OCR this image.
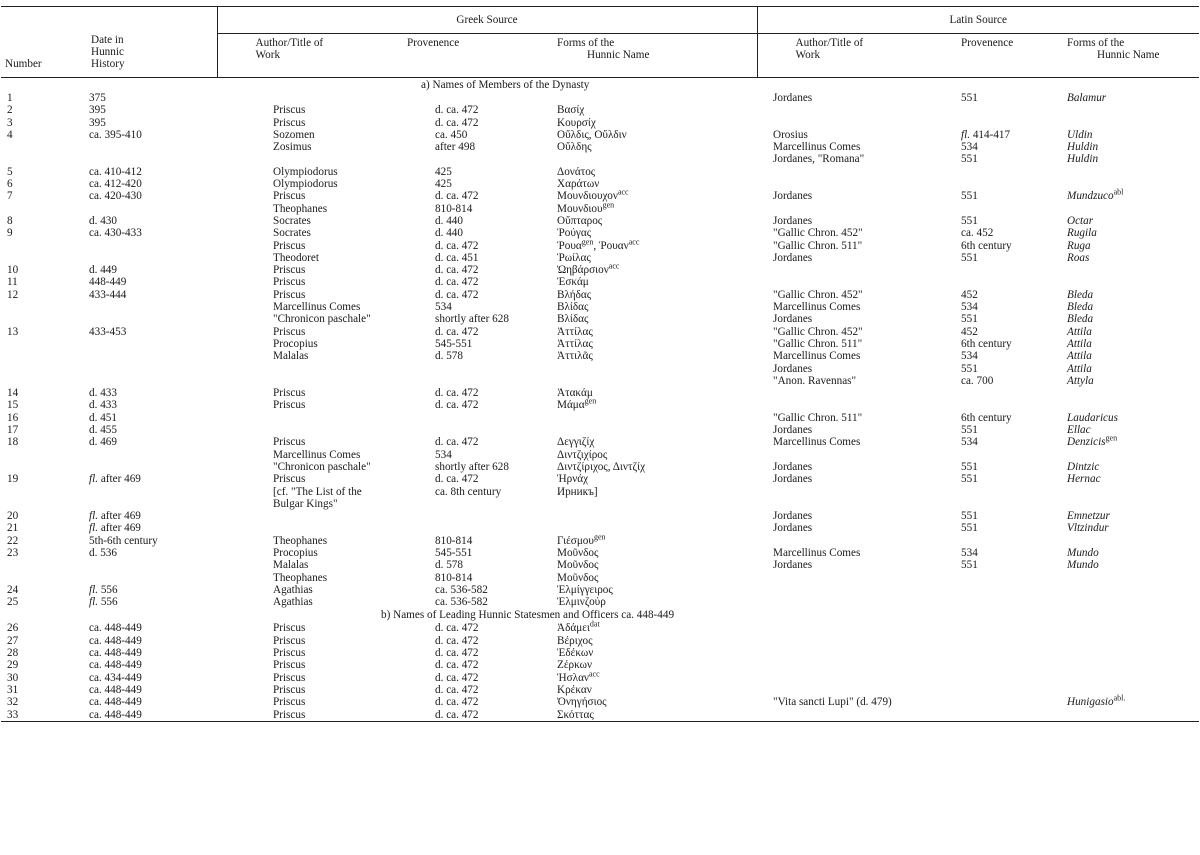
Number	Date in Hunnic History	Greek Source			Latin Source		
		Author/Title of Work	Provenence	Forms of the
Hunnic Name	Author/Title of Work	Provenence	Forms of the
Hunnic Name

a) Names of Members of the Dynasty							
1	375				Jordanes	551	Balamur
2	395	Priscus	d. ca. 472	Βασίχ			
3	395	Priscus	d. ca. 472	Κουρσίχ			
4	ca. 395-410	Sozomen	ca. 450	Οὔλδις, Οὔλδιν	Orosius	fl. 414-417	Uldin
		Zosimus	after 498	Οὔλδης	Marcellinus Comes	534	Huldin
					Jordanes, "Romana"	551	Huldin
5	ca. 410-412	Olympiodorus	425	Δονάτος			
6	ca. 412-420	Olympiodorus	425	Χαράτων			
7	ca. 420-430	Priscus	d. ca. 472	Μουνδιουχον$^{acc}$	Jordanes	551	Mundzuco$^{abl}$
		Theophanes	810-814	Μουνδιου$^{gen}$			
8	d. 430	Socrates	d. 440	Οὔπταρος	Jordanes	551	Octar
9	ca. 430-433	Socrates	d. 440	Ῥούγας	"Gallic Chron. 452"	ca. 452	Rugila
		Priscus	d. ca. 472	Ῥουα$^{gen}$, Ῥουαν$^{acc}$	"Gallic Chron. 511"	6th century	Ruga
		Theodoret	d. ca. 451	Ῥωίλας	Jordanes	551	Roas
10	d. 449	Priscus	d. ca. 472	Ὠηβάρσιον$^{acc}$			
11	448-449	Priscus	d. ca. 472	Ἐσκάμ			
12	433-444	Priscus	d. ca. 472	Βλήδας	"Gallic Chron. 452"	452	Bleda
		Marcellinus Comes	534	Βλίδας	Marcellinus Comes	534	Bleda
		"Chronicon paschale"	shortly after 628	Βλίδας	Jordanes	551	Bleda
13	433-453	Priscus	d. ca. 472	Ἀττίλας	"Gallic Chron. 452"	452	Attila
		Procopius	545-551	Ἀττίλας	"Gallic Chron. 511"	6th century	Attila
		Malalas	d. 578	Ἀττιλᾶς	Marcellinus Comes	534	Attila
					Jordanes	551	Attila
					"Anon. Ravennas"	ca. 700	Attyla
14	d. 433	Priscus	d. ca. 472	Ἀτακάμ			
15	d. 433	Priscus	d. ca. 472	Μάμα$^{gen}$			
16	d. 451				"Gallic Chron. 511"	6th century	Laudaricus
17	d. 455				Jordanes	551	Ellac
18	d. 469	Priscus	d. ca. 472	Δεγγιζίχ	Marcellinus Comes	534	Denzicis$^{gen}$
		Marcellinus Comes	534	Διντζιχίρος			
		"Chronicon paschale"	shortly after 628	Διντζίριχος, Διντζίχ	Jordanes	551	Dintzic
19	fl. after 469	Priscus	d. ca. 472	Ἡρνάχ	Jordanes	551	Hernac
		[cf. "The List of the	ca. 8th century	Ирникъ]			
		Bulgar Kings"					
20	fl. after 469				Jordanes	551	Emnetzur
21	fl. after 469				Jordanes	551	Vltzindur
22	5th-6th century	Theophanes	810-814	Γιέσμου$^{gen}$			
23	d. 536	Procopius	545-551	Μοῦνδος	Marcellinus Comes	534	Mundo
		Malalas	d. 578	Μοῦνδος	Jordanes	551	Mundo
		Theophanes	810-814	Μοῦνδος			
24	fl. 556	Agathias	ca. 536-582	Ἐλμίγγειρος			
25	fl. 556	Agathias	ca. 536-582	Ἐλμινζούρ			
b) Names of Leading Hunnic Statesmen and Officers ca. 448-449							
26	ca. 448-449	Priscus	d. ca. 472	Ἀδάμει$^{dat}$			
27	ca. 448-449	Priscus	d. ca. 472	Βέριχος			
28	ca. 448-449	Priscus	d. ca. 472	Ἐδέκων			
29	ca. 448-449	Priscus	d. ca. 472	Ζέρκων			
30	ca. 434-449	Priscus	d. ca. 472	Ἡσλαν$^{acc}$			
31	ca. 448-449	Priscus	d. ca. 472	Κρέκαν			
32	ca. 448-449	Priscus	d. ca. 472	Ὀνηγήσιος	"Vita sancti Lupi" (d. 479)		Hunigasio$^{abl.}$
33	ca. 448-449	Priscus	d. ca. 472	Σκόττας			
